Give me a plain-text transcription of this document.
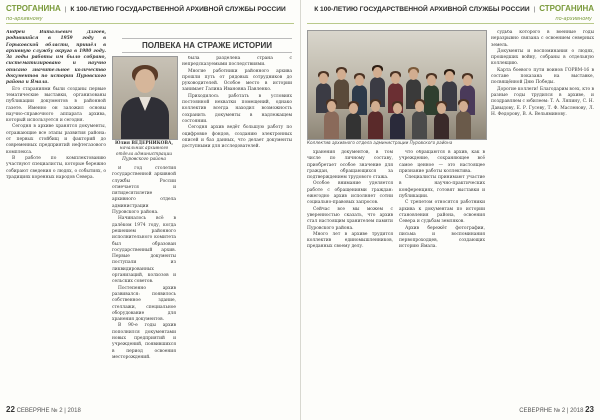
СТРОГАНИНА | К 100-ЛЕТИЮ ГОСУДАРСТВЕННОЙ АРХИВНОЙ СЛУЖБЫ РОССИИ
по-архивному

Андрей Витальевич Дзгоев, родившийся в 1959 году в Горьковской области, пришёл в архивную службу округа в 1980 году. За годы работы им было собрано, систематизировано и научно описано значительное количество документов по истории Пуровского района и Ямала.

Его стараниями были созданы первые тематические выставки, организованы публикации документов в районной газете. Именно он заложил основы научно-справочного аппарата архива, который используется и сегодня.

Сегодня в архиве хранятся документы, отражающие все этапы развития района: от первых стойбищ и факторий до современных предприятий нефтегазового комплекса.

В работе по комплектованию участвуют специалисты, которые бережно собирают сведения о людях, о событиях, о традициях коренных народов Севера.

ПОЛВЕКА НА СТРАЖЕ ИСТОРИИ
Юлия ВЕДЕРНИКОВА,
начальник архивного отдела администрации Пуровского района

В год столетия государственной архивной службы России отмечается и пятидесятилетие архивного отдела администрации Пуровского района.

Начиналось всё в далёком 1974 году, когда решением районного исполнительного комитета был образован государственный архив. Первые документы поступали из ликвидированных организаций, колхозов и сельских советов.

Постепенно архив развивался: появилось собственное здание, стеллажи, специальное оборудование для хранения документов.

В 90-е годы архив пополнился документами новых предприятий и учреждений, появившихся в период освоения месторождений.

была разделена страна с непредсказуемыми последствиями.

Многие работники районного архива прошли путь от рядовых сотрудников до руководителей. Особое место в истории занимает Галина Ивановна Павленко.

Приходилось работать в условиях постоянной нехватки помещений, однако коллектив всегда находил возможность сохранить документы в надлежащем состоянии.

Сегодня архив ведёт большую работу по оцифровке фондов, созданию электронных описей и баз данных, что делает документы доступными для исследователей.

22 СЕВЕРЯНЕ № 2 | 2018
К 100-ЛЕТИЮ ГОСУДАРСТВЕННОЙ АРХИВНОЙ СЛУЖБЫ РОССИИ | СТРОГАНИНА
по-архивному
Коллектив архивного отдела администрации Пуровского района

хранения документов, в том числе по личному составу, приобретает особое значение для граждан, обращающихся за подтверждением трудового стажа.

Особое внимание уделяется работе с обращениями граждан: ежегодно архив исполняет сотни социально-правовых запросов.

Сейчас все мы можем с уверенностью сказать, что архив стал настоящим хранителем памяти Пуровского района.

Много лет в архиве трудится коллектив единомышленников, преданных своему делу.

что обращаются в архив, как в учреждение, сохраняющее всё самое ценное — это настоящее признание работы коллектива.

Специалисты принимают участие в научно-практических конференциях, готовят выставки и публикации.

С трепетом относятся работники архива к документам по истории становления района, освоения Севера и судьбам земляков.

Архив бережёт фотографии, письма и воспоминания первопроходцев, создающих историю Ямала.

судьба которого в военные годы неразрывно связана с освоением северных земель.

Документы и воспоминания о людях, прошедших войну, собраны в отдельную коллекцию.

Карта боевого пути воинов ГОРВМ-16 в составе показана на выставке, посвящённой Дню Победы.

Дорогие коллеги! Благодарим всех, кто в разные годы трудился в архиве, и поздравляем с юбилеем: Т. А. Ляпину, С. Н. Давыдову, Е. Р. Гусеву, Т. Ф. Масленову, Л. Н. Федорову, В. А. Вельяминову.

СЕВЕРЯНЕ № 2 | 2018 23
